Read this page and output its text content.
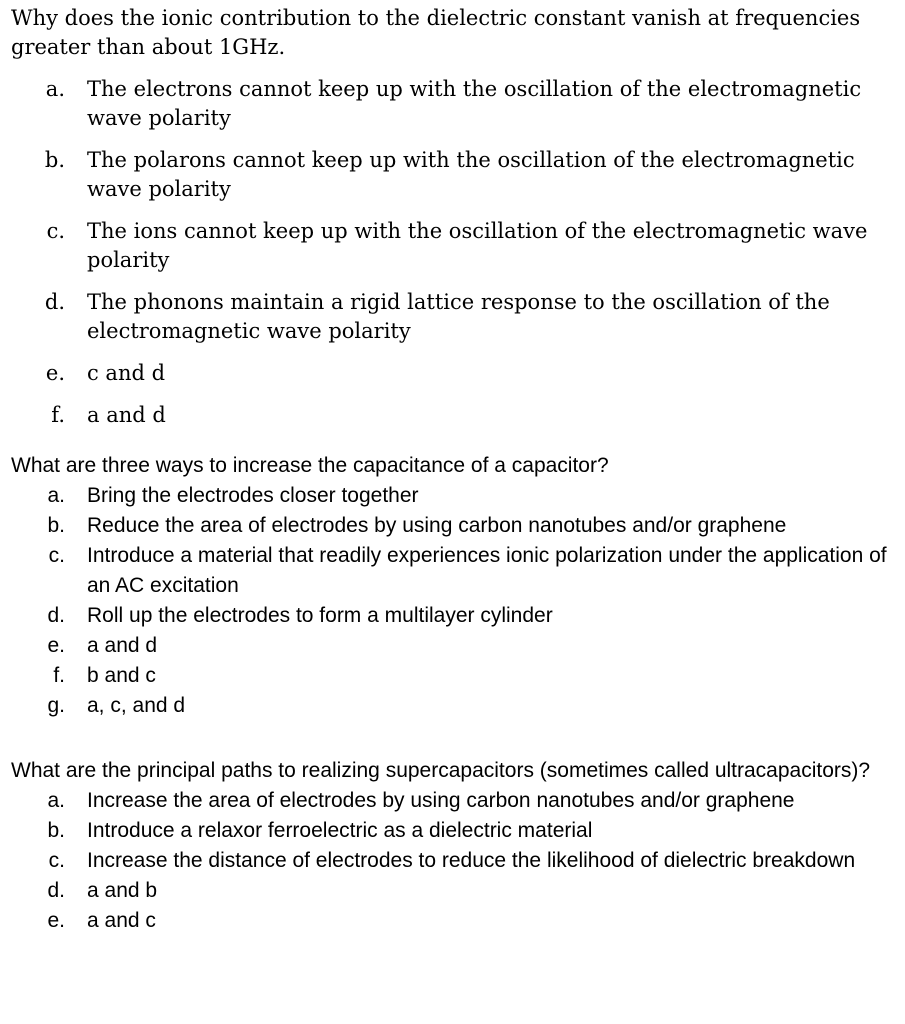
Why does the ionic contribution to the dielectric constant vanish at frequencies greater than about 1GHz.

a.	The electrons cannot keep up with the oscillation of the electromagnetic wave polarity
b.	The polarons cannot keep up with the oscillation of the electromagnetic wave polarity
c.	The ions cannot keep up with the oscillation of the electromagnetic wave polarity
d.	The phonons maintain a rigid lattice response to the oscillation of the electromagnetic wave polarity
e.	c and d
f.	a and d

What are three ways to increase the capacitance of a capacitor?

a.	Bring the electrodes closer together
b.	Reduce the area of electrodes by using carbon nanotubes and/or graphene
c.	Introduce a material that readily experiences ionic polarization under the application of an AC excitation
d.	Roll up the electrodes to form a multilayer cylinder
e.	a and d
f.	b and c
g.	a, c, and d

What are the principal paths to realizing supercapacitors (sometimes called ultracapacitors)?

a.	Increase the area of electrodes by using carbon nanotubes and/or graphene
b.	Introduce a relaxor ferroelectric as a dielectric material
c.	Increase the distance of electrodes to reduce the likelihood of dielectric breakdown
d.	a and b
e.	a and c
